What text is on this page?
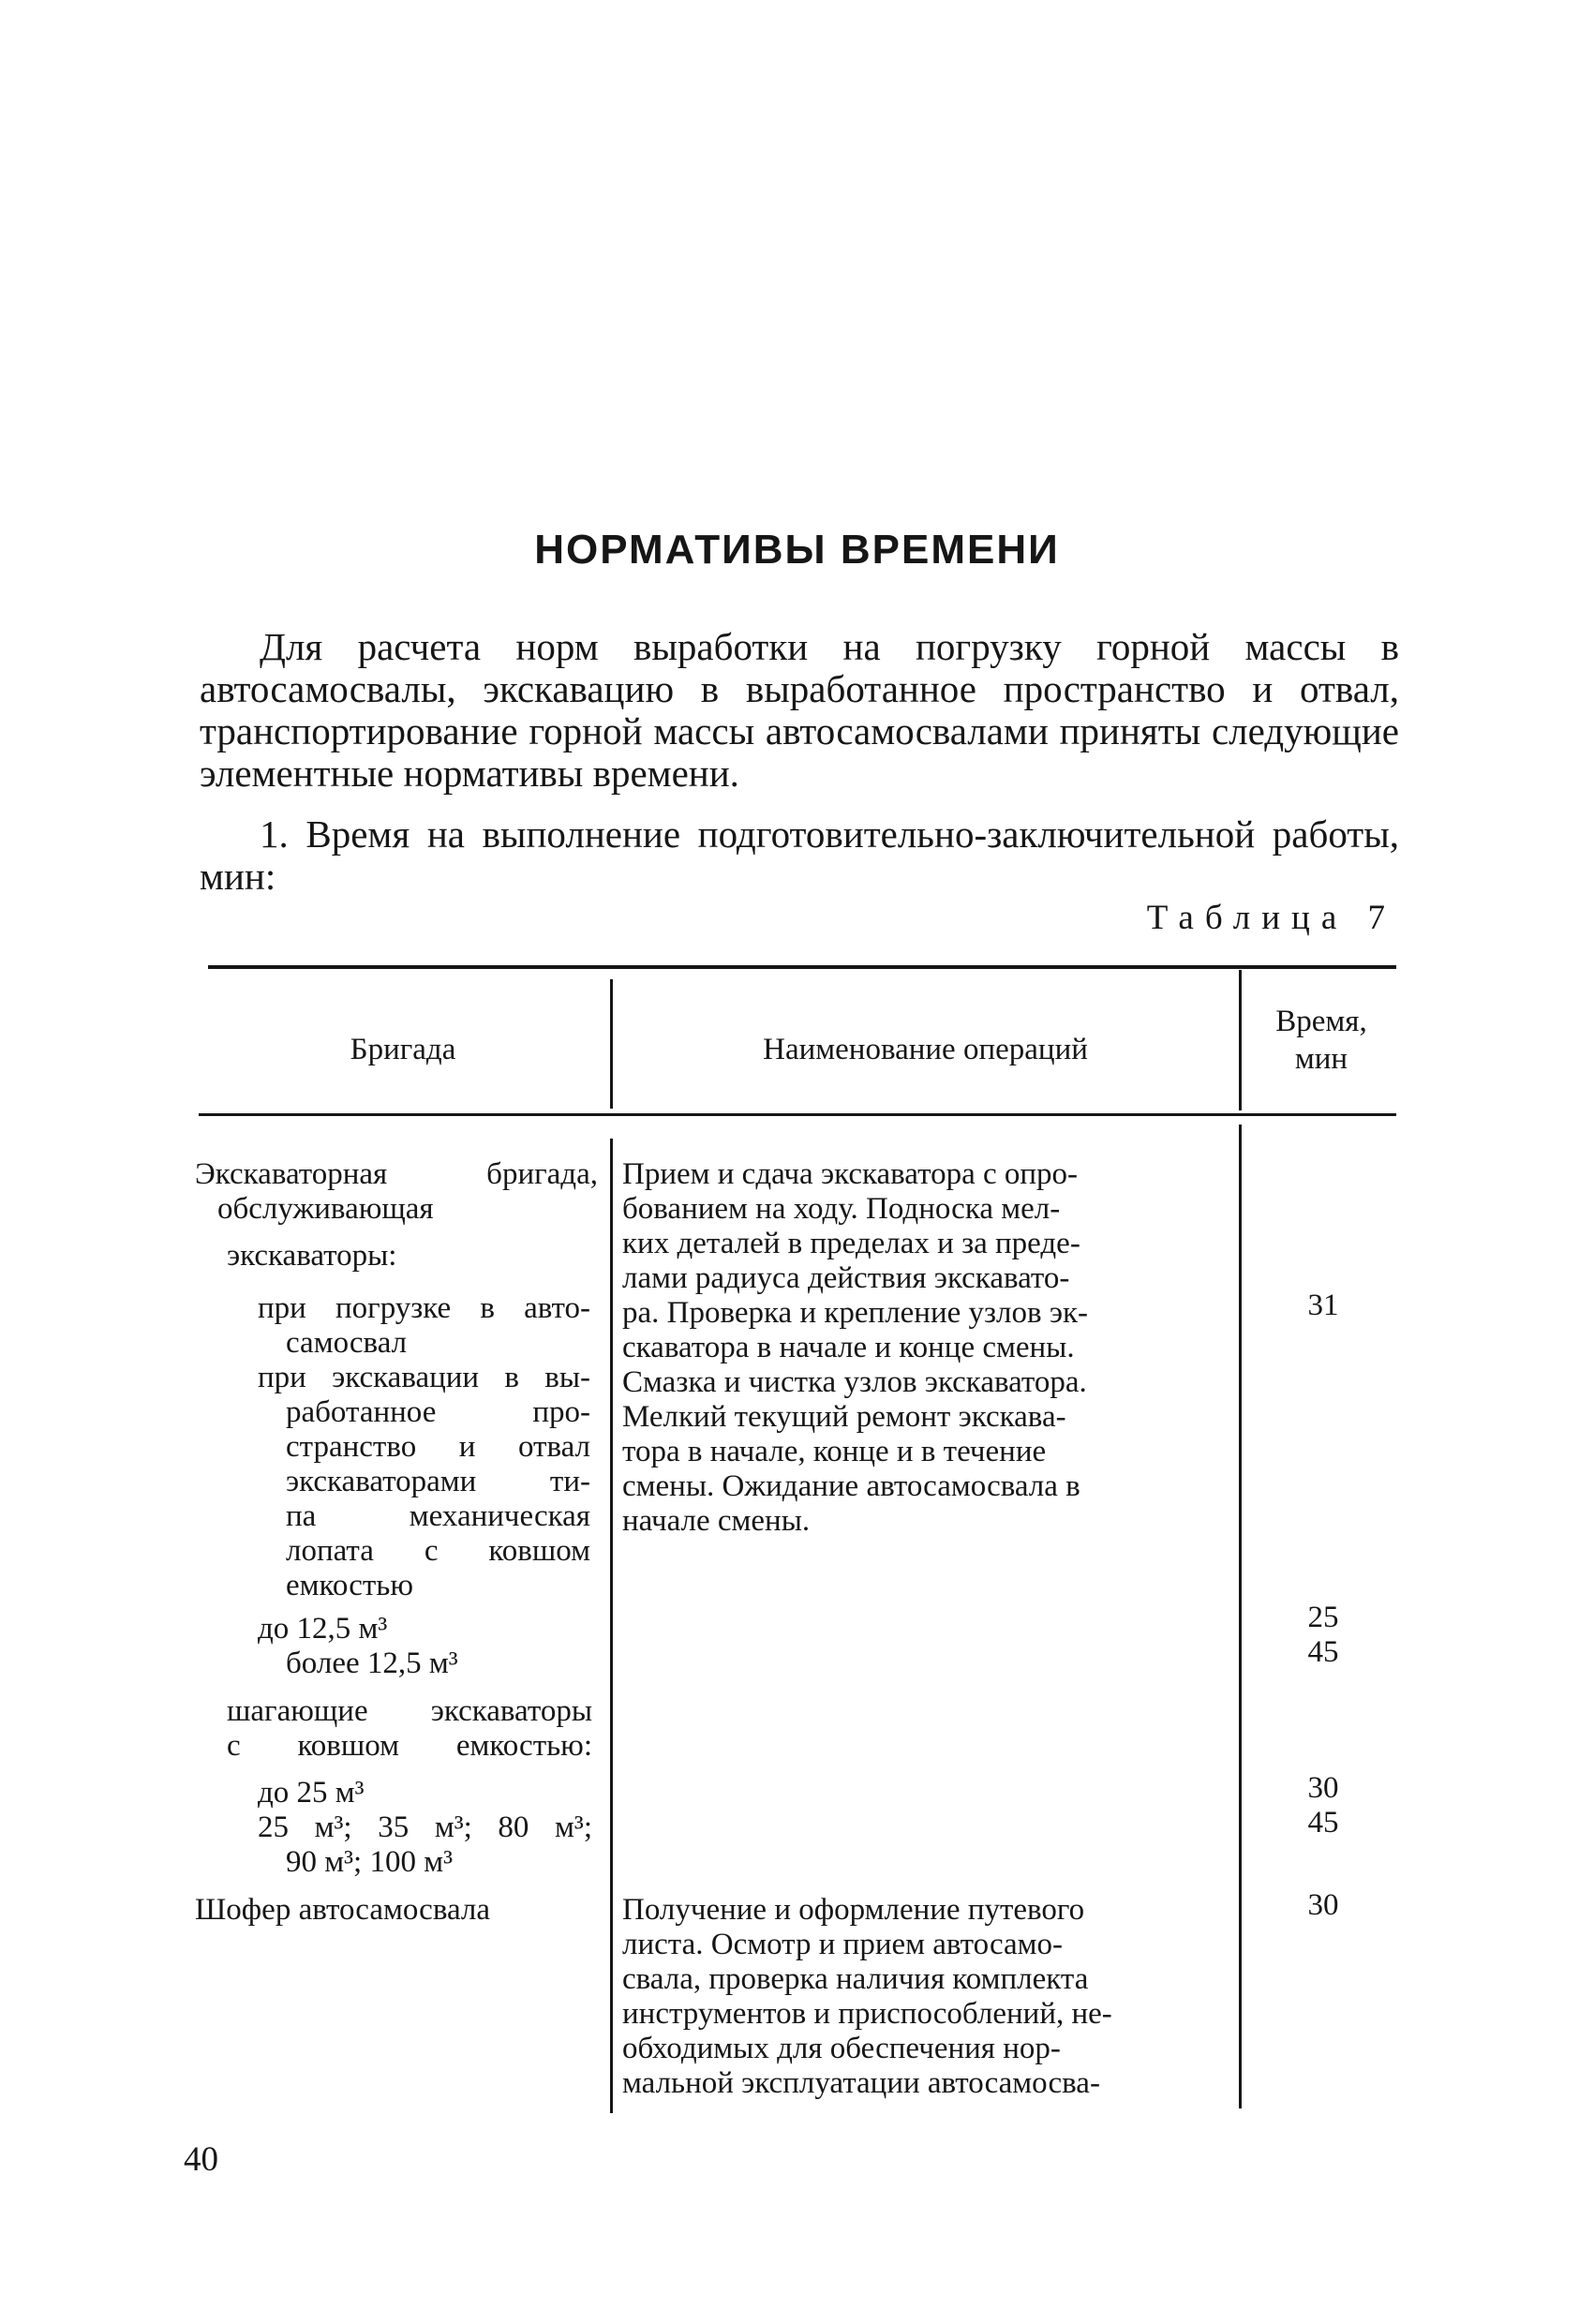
НОРМАТИВЫ ВРЕМЕНИ

Для расчета норм выработки на погрузку горной массы в автосамосвалы, экскавацию в выработанное пространство и отвал, транспортирование горной массы автосамосвалами приняты следующие элементные нормативы времени.

1. Время на выполнение подготовительно-заключительной работы, мин:

Таблица 7
Бригада	Наименование операций
Время,
мин
Экскаваторная бригада,
обслуживающая
экскаваторы:
при погрузке в авто-
самосвал
при экскавации в вы-
работанное про-
странство и отвал
экскаваторами ти-
па механическая
лопата с ковшом
емкостью
до 12,5 м³
более 12,5 м³
шагающие экскаваторы
с ковшом емкостью:
до 25 м³
25 м³; 35 м³; 80 м³;
90 м³; 100 м³
Шофер автосамосвала

Прием и сдача экскаватора с опро-

бованием на ходу. Подноска мел-

ких деталей в пределах и за преде-

лами радиуса действия экскавато-

ра. Проверка и крепление узлов эк-

скаватора в начале и конце смены.

Смазка и чистка узлов экскаватора.

Мелкий текущий ремонт экскава-

тора в начале, конце и в течение

смены. Ожидание автосамосвала в

начале смены.

Получение и оформление путевого

листа. Осмотр и прием автосамо-

свала, проверка наличия комплекта

инструментов и приспособлений, не-

обходимых для обеспечения нор-

мальной эксплуатации автосамосва-

31
25
45
30
45
30
40
